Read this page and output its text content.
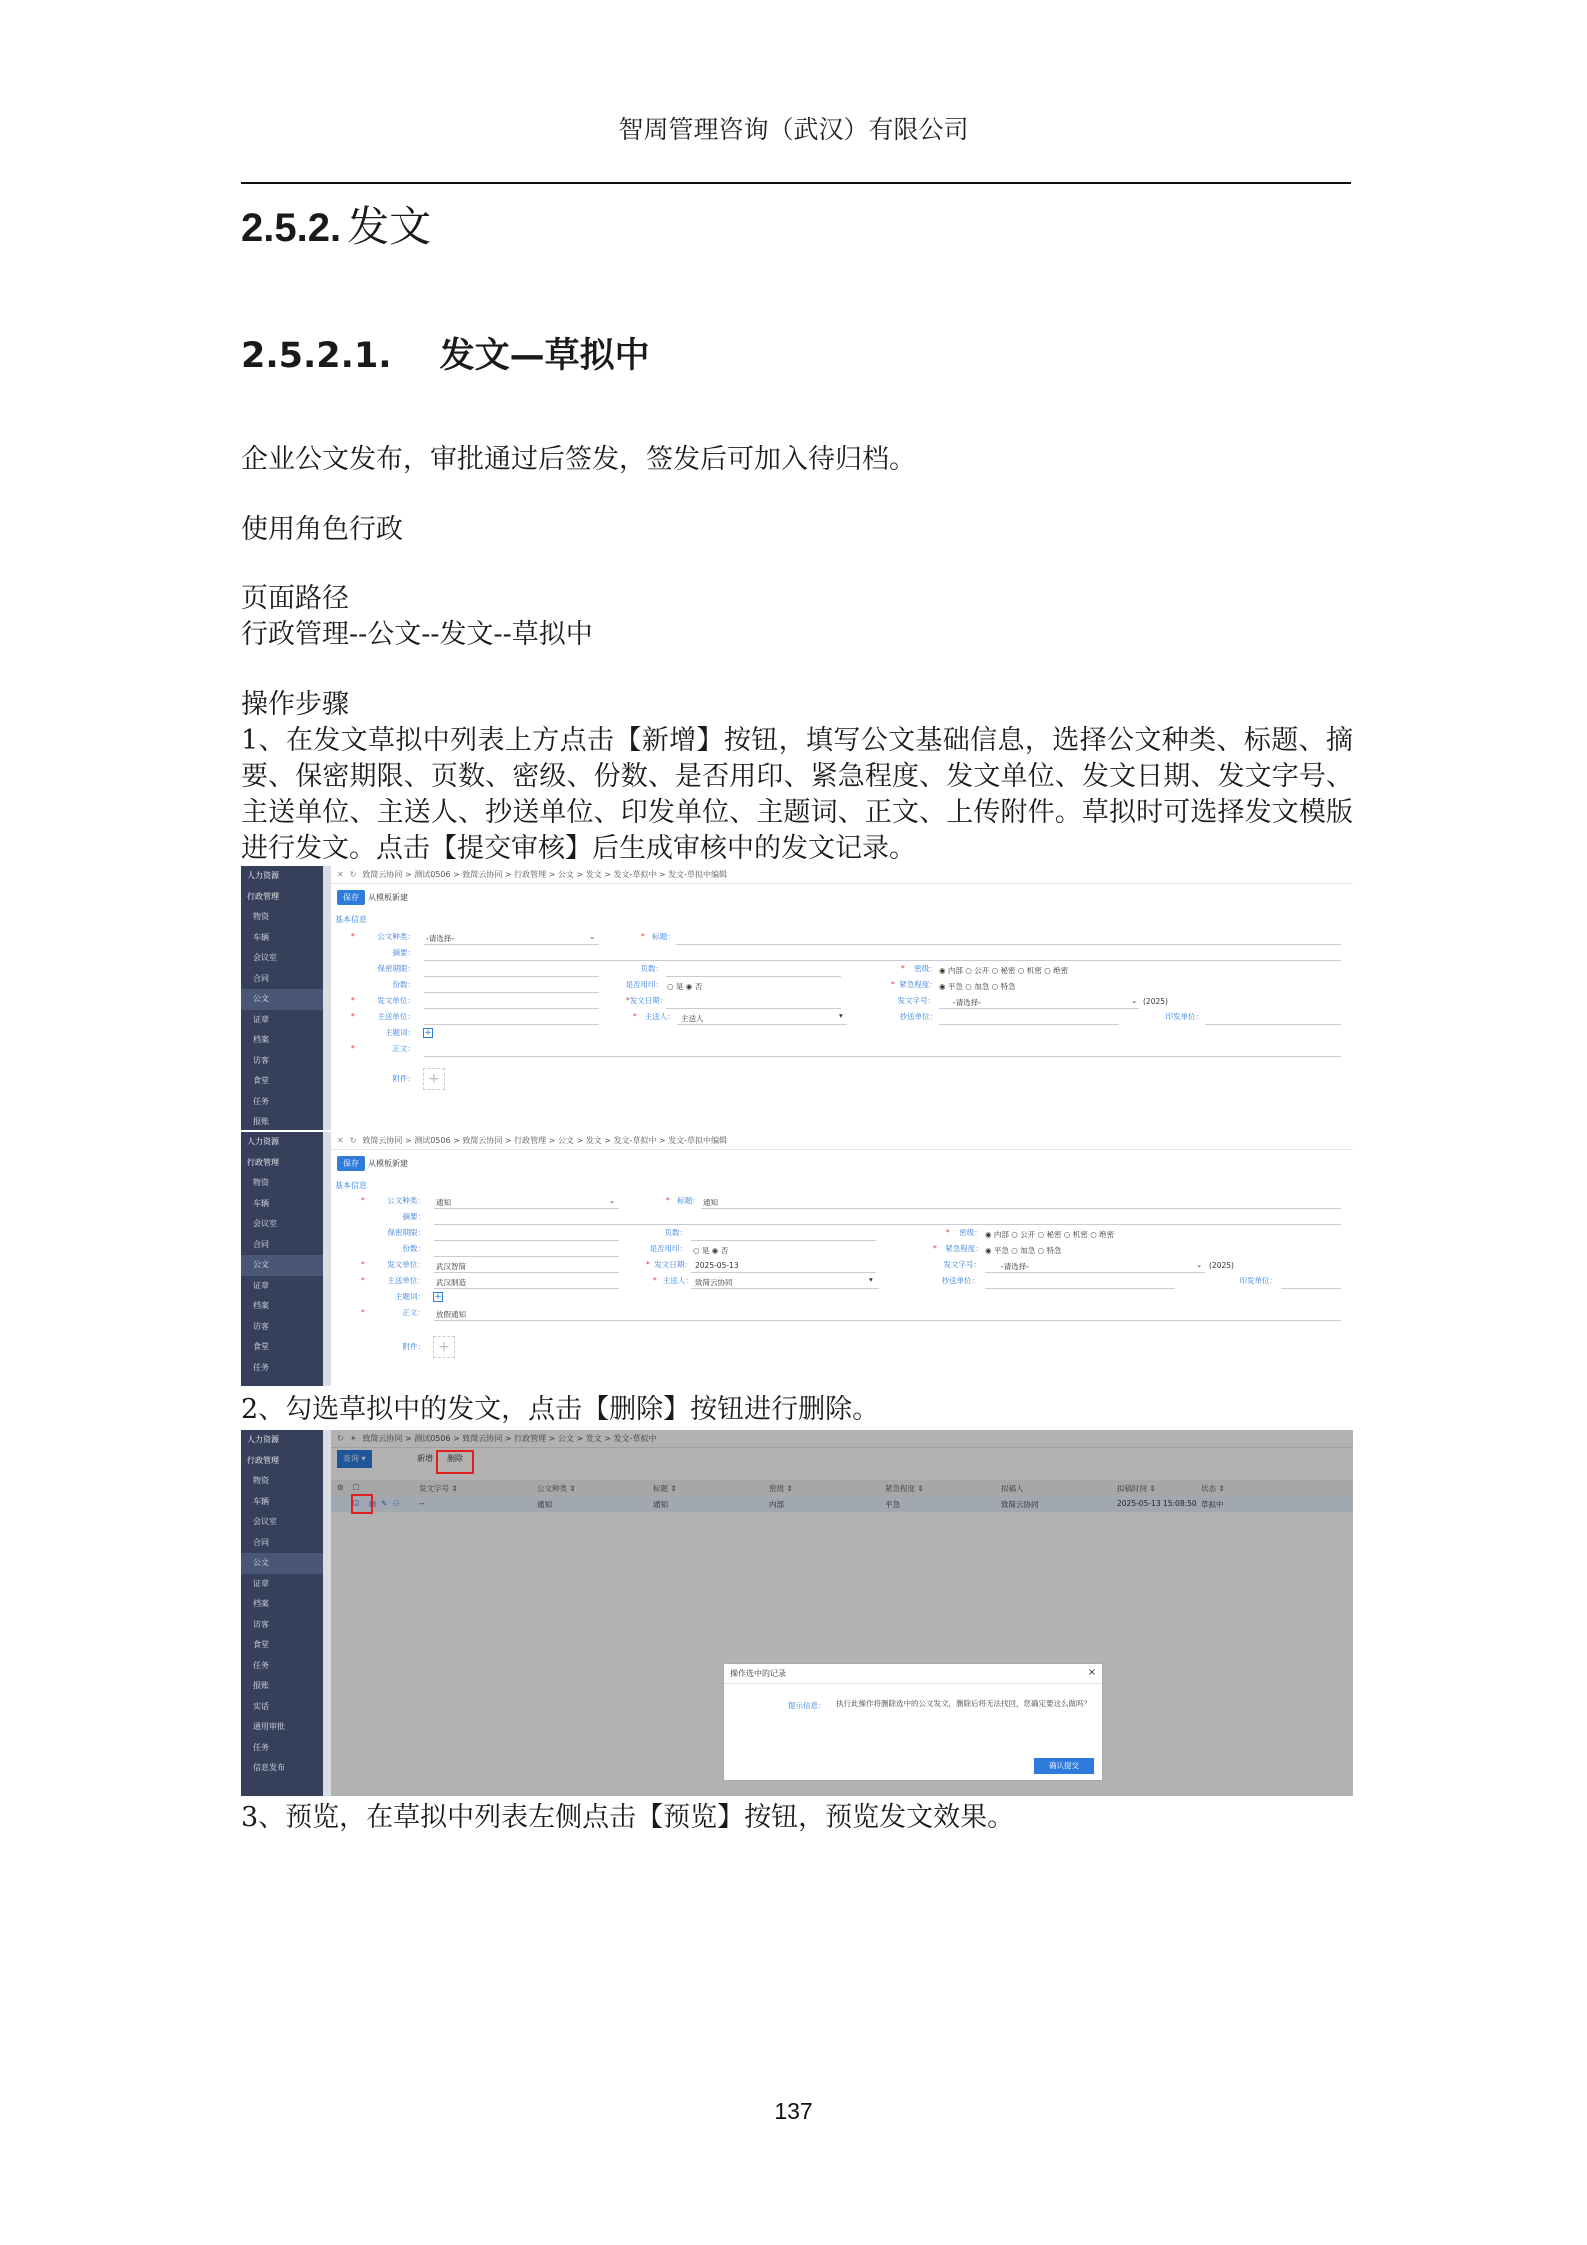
智周管理咨询（武汉）有限公司
2.5.2. 发文
2.5.2.1. 发文—草拟中
企业公文发布，审批通过后签发，签发后可加入待归档。
使用角色行政
页面路径
行政管理--公文--发文--草拟中
操作步骤
1、在发文草拟中列表上方点击【新增】按钮，填写公文基础信息，选择公文种类、标题、摘要、保密期限、页数、密级、份数、是否用印、紧急程度、发文单位、发文日期、发文字号、主送单位、主送人、抄送单位、印发单位、主题词、正文、上传附件。草拟时可选择发文模版进行发文。点击【提交审核】后生成审核中的发文记录。
人力资源
行政管理
物资
车辆
会议室
合同
公文
证章
档案
访客
食堂
任务
报账
✕ ↻ 致简云协同 > 测试0506 > 致简云协同 > 行政管理 > 公文 > 发文 > 发文-草拟中 > 发文-草拟中编辑
保存	从模板新建
基本信息
*	公文种类： -请选择-	⌄	* 标题：
摘要：
保密期限：	页数：	* 密级： ◉ 内部 ○ 公开 ○ 秘密 ○ 机密 ○ 绝密
份数：	是否用印： ○ 是 ◉ 否	* 紧急程度： ◉ 平急 ○ 加急 ○ 特急
*	发文单位：	*发文日期：	发文字号： -请选择-	⌄ (2025)
*	主送单位：	* 主送人： 主送人	▾	抄送单位：	印发单位：
主题词： +
*	正文：
附件： +
人力资源
行政管理
物资
车辆
会议室
合同
公文
证章
档案
访客
食堂
任务
✕ ↻ 致简云协同 > 测试0506 > 致简云协同 > 行政管理 > 公文 > 发文 > 发文-草拟中 > 发文-草拟中编辑
保存	从模板新建
基本信息
*	公文种类： 通知	⌄	* 标题： 通知
摘要：
保密期限：	页数：	* 密级： ◉ 内部 ○ 公开 ○ 秘密 ○ 机密 ○ 绝密
份数：	是否用印： ○ 是 ◉ 否	* 紧急程度： ◉ 平急 ○ 加急 ○ 特急
*	发文单位： 武汉智简	* 发文日期： 2025-05-13	发文字号：	-请选择-	⌄ (2025)
*	主送单位： 武汉制造	* 主送人： 致简云协同	▾	抄送单位：	印发单位：
主题词： +
*	正文： 放假通知
附件： +
2、勾选草拟中的发文，点击【删除】按钮进行删除。
人力资源
行政管理
物资
车辆
会议室
合同
公文
证章
档案
访客
食堂
任务
报账
实话
通用审批
任务
信息发布
↻ ✦ 致简云协同 > 测试0506 > 致简云协同 > 行政管理 > 公文 > 发文 > 发文-草拟中
查询 ▾	新增	删除
⚙ ☐	发文字号 ⇕	公文种类 ⇕	标题 ⇕	密级 ⇕	紧急程度 ⇕	拟稿人	拟稿时间 ⇕	状态 ⇕
☑ ▤ ✎ ⚇	--	通知	通知	内部	平急	致简云协同	2025-05-13 15:08:50 草拟中
操作选中的记录	×
提示信息： 执行此操作将删除选中的公文发文，删除后将无法找回，您确定要这么做吗？
确认提交
3、预览，在草拟中列表左侧点击【预览】按钮，预览发文效果。
137
